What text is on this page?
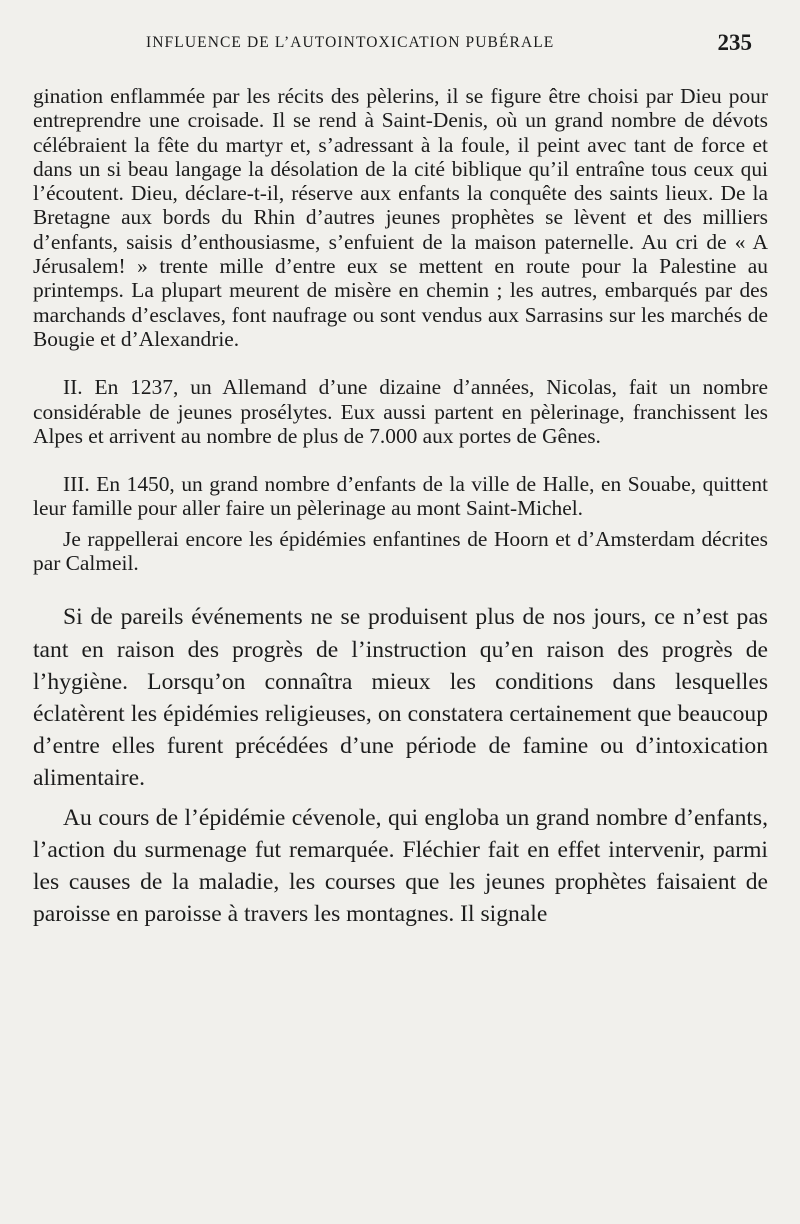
INFLUENCE DE L’AUTOINTOXICATION PUBÉRALE	235

gination enflammée par les récits des pèlerins, il se figure être choisi par Dieu pour entreprendre une croisade. Il se rend à Saint-Denis, où un grand nombre de dévots célébraient la fête du martyr et, s’adressant à la foule, il peint avec tant de force et dans un si beau langage la désolation de la cité biblique qu’il entraîne tous ceux qui l’écoutent. Dieu, déclare-t-il, réserve aux enfants la conquête des saints lieux. De la Bretagne aux bords du Rhin d’autres jeunes prophètes se lèvent et des milliers d’enfants, saisis d’enthousiasme, s’enfuient de la maison paternelle. Au cri de « A Jérusalem! » trente mille d’entre eux se mettent en route pour la Palestine au printemps. La plupart meurent de misère en chemin ; les autres, embarqués par des marchands d’esclaves, font naufrage ou sont vendus aux Sarrasins sur les marchés de Bougie et d’Alexandrie.

II. En 1237, un Allemand d’une dizaine d’années, Nicolas, fait un nombre considérable de jeunes prosélytes. Eux aussi partent en pèlerinage, franchissent les Alpes et arrivent au nombre de plus de 7.000 aux portes de Gênes.

III. En 1450, un grand nombre d’enfants de la ville de Halle, en Souabe, quittent leur famille pour aller faire un pèlerinage au mont Saint-Michel.

Je rappellerai encore les épidémies enfantines de Hoorn et d’Amsterdam décrites par Calmeil.

Si de pareils événements ne se produisent plus de nos jours, ce n’est pas tant en raison des progrès de l’instruction qu’en raison des progrès de l’hygiène. Lorsqu’on connaîtra mieux les conditions dans lesquelles éclatèrent les épidémies religieuses, on constatera certainement que beaucoup d’entre elles furent précédées d’une période de famine ou d’intoxication alimentaire.

Au cours de l’épidémie cévenole, qui engloba un grand nombre d’enfants, l’action du surmenage fut remarquée. Fléchier fait en effet intervenir, parmi les causes de la maladie, les courses que les jeunes prophètes faisaient de paroisse en paroisse à travers les montagnes. Il signale
